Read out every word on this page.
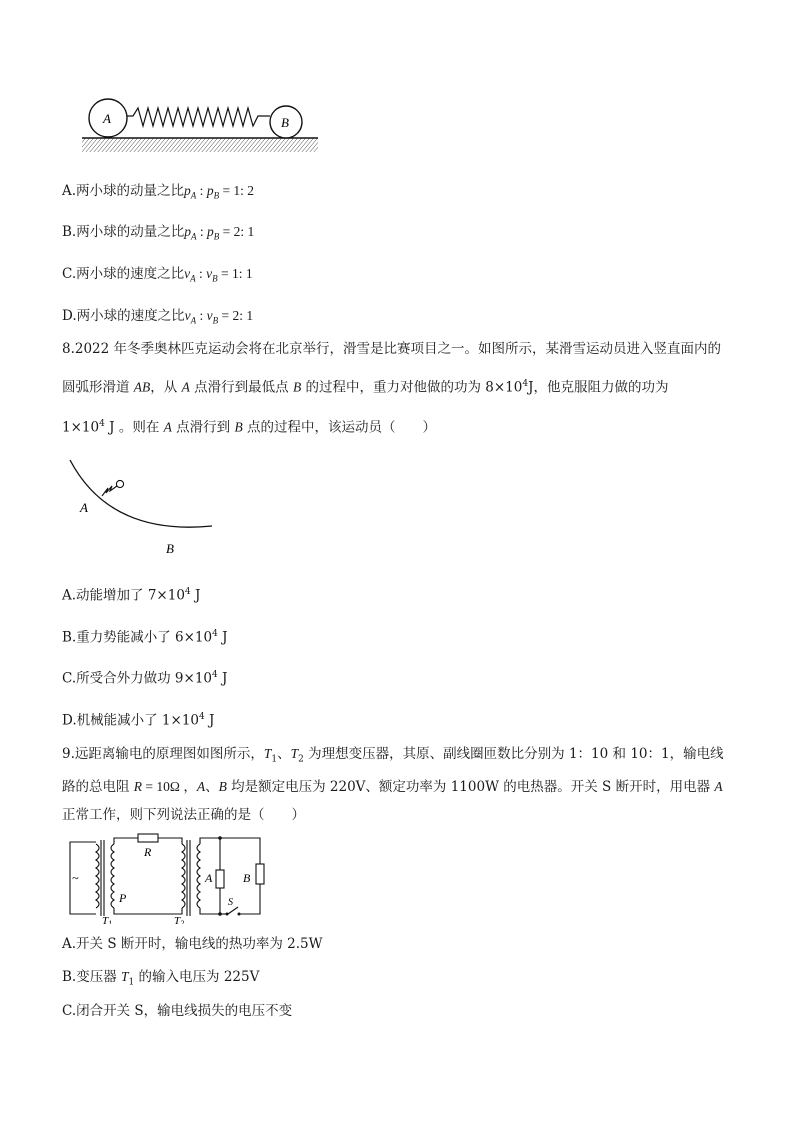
A	B
A.两小球的动量之比$p_A$ : $p_B = 1$: 2
B.两小球的动量之比$p_A$ : $p_B = 2$: 1
C.两小球的速度之比$v_A$ : $v_B = 1$: 1
D.两小球的速度之比$v_A$ : $v_B = 2$: 1
8.2022 年冬季奥林匹克运动会将在北京举行，滑雪是比赛项目之一。如图所示，某滑雪运动员进入竖直面内的
圆弧形滑道 AB，从 A 点滑行到最低点 B 的过程中，重力对他做的功为 $8\times 10^4J$，他克服阻力做的功为
$1\times 10^4$ J 。则在 A 点滑行到 B 点的过程中，该运动员（　　）
A
B
A.动能增加了 $7\times 10^4$ J
B.重力势能减小了 $6\times 10^4$ J
C.所受合外力做功 $9\times 10^4$ J
D.机械能减小了 $1\times 10^4$ J
9.远距离输电的原理图如图所示，$T_1$、$T_2$ 为理想变压器，其原、副线圈匝数比分别为 1：10 和 10：1，输电线
路的总电阻 R = 10Ω ，A、B 均是额定电压为 220V、额定功率为 1100W 的电热器。开关 S 断开时，用电器 A
正常工作，则下列说法正确的是（　　）
~
R
P
A	B
S
T1	T2
A.开关 S 断开时，输电线的热功率为 2.5W
B.变压器 $T_1$ 的输入电压为 225V
C.闭合开关 S，输电线损失的电压不变
